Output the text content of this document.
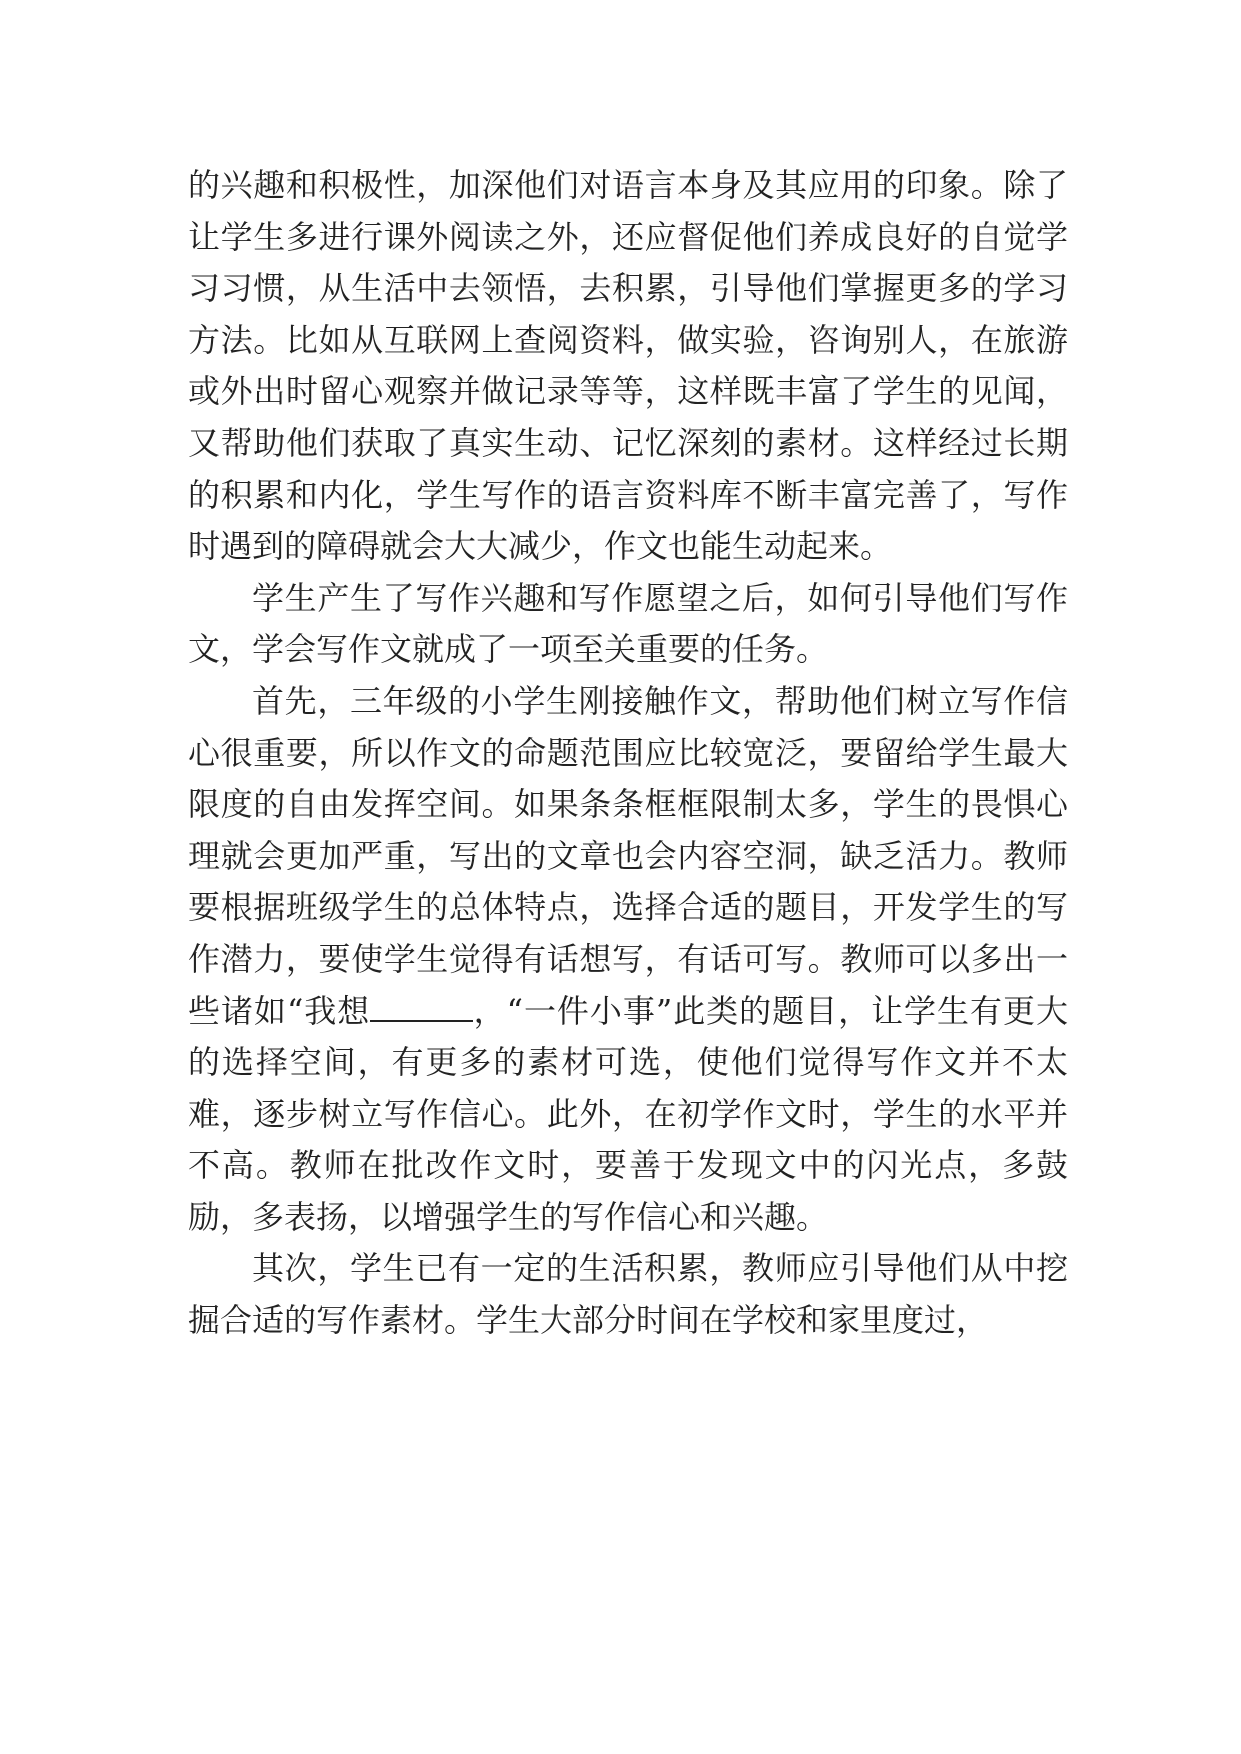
的兴趣和积极性，加深他们对语言本身及其应用的印象。除了让学生多进行课外阅读之外，还应督促他们养成良好的自觉学习习惯，从生活中去领悟，去积累，引导他们掌握更多的学习方法。比如从互联网上查阅资料，做实验，咨询别人，在旅游或外出时留心观察并做记录等等，这样既丰富了学生的见闻，又帮助他们获取了真实生动、记忆深刻的素材。这样经过长期的积累和内化，学生写作的语言资料库不断丰富完善了，写作时遇到的障碍就会大大减少，作文也能生动起来。

学生产生了写作兴趣和写作愿望之后，如何引导他们写作文，学会写作文就成了一项至关重要的任务。

首先，三年级的小学生刚接触作文，帮助他们树立写作信心很重要，所以作文的命题范围应比较宽泛，要留给学生最大限度的自由发挥空间。如果条条框框限制太多，学生的畏惧心理就会更加严重，写出的文章也会内容空洞，缺乏活力。教师要根据班级学生的总体特点，选择合适的题目，开发学生的写作潜力，要使学生觉得有话想写，有话可写。教师可以多出一些诸如“我想	，“一件小事”此类的题目，让学生有更大的选择空间，有更多的素材可选，使他们觉得写作文并不太难，逐步树立写作信心。此外，在初学作文时，学生的水平并不高。教师在批改作文时，要善于发现文中的闪光点，多鼓励，多表扬，以增强学生的写作信心和兴趣。

其次，学生已有一定的生活积累，教师应引导他们从中挖掘合适的写作素材。学生大部分时间在学校和家里度过，
